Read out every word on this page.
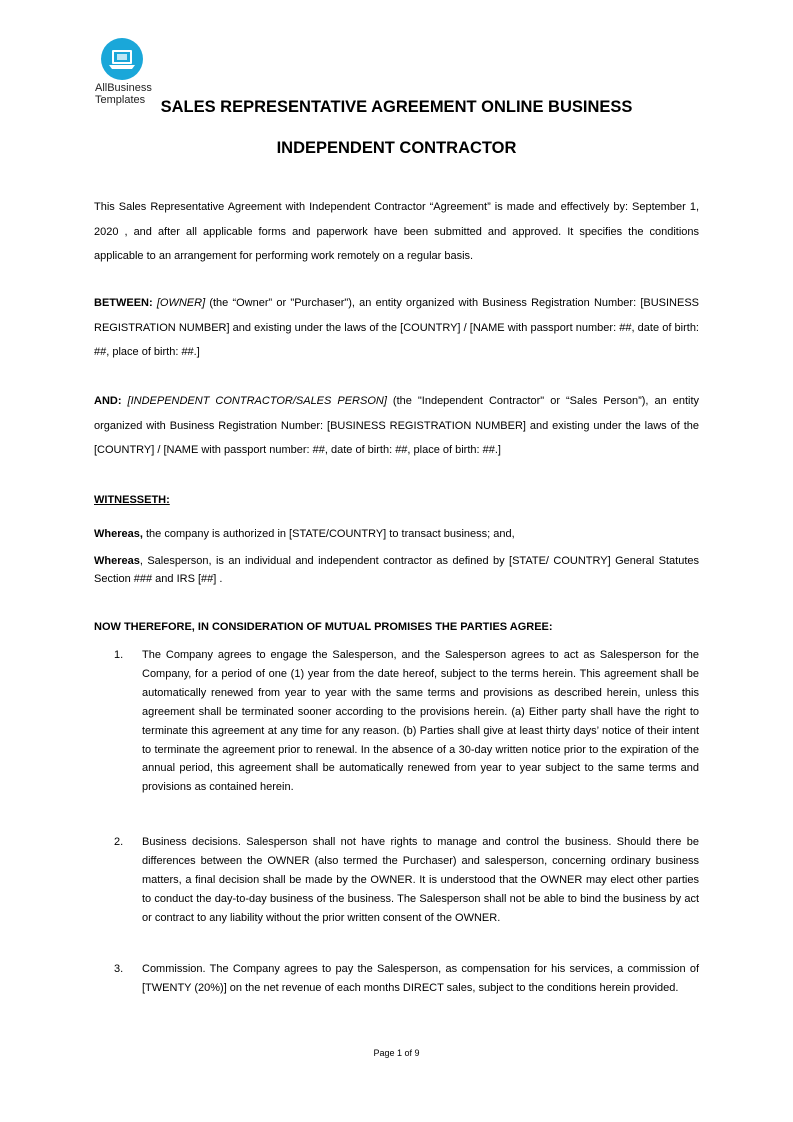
AllBusiness
Templates SALES REPRESENTATIVE AGREEMENT ONLINE BUSINESS
INDEPENDENT CONTRACTOR
This Sales Representative Agreement with Independent Contractor “Agreement” is made and effectively by: September 1, 2020 , and after all applicable forms and paperwork have been submitted and approved. It specifies the conditions applicable to an arrangement for performing work remotely on a regular basis.
BETWEEN: [OWNER] (the “Owner” or "Purchaser"), an entity organized with Business Registration Number: [BUSINESS REGISTRATION NUMBER] and existing under the laws of the [COUNTRY] / [NAME with passport number: ##, date of birth: ##, place of birth: ##.]
AND: [INDEPENDENT CONTRACTOR/SALES PERSON] (the "Independent Contractor" or “Sales Person”), an entity organized with Business Registration Number: [BUSINESS REGISTRATION NUMBER] and existing under the laws of the [COUNTRY] / [NAME with passport number: ##, date of birth: ##, place of birth: ##.]
WITNESSETH:
Whereas, the company is authorized in [STATE/COUNTRY] to transact business; and,
Whereas, Salesperson, is an individual and independent contractor as defined by [STATE/ COUNTRY] General Statutes Section ### and IRS [##] .
NOW THEREFORE, IN CONSIDERATION OF MUTUAL PROMISES THE PARTIES AGREE:
1.	The Company agrees to engage the Salesperson, and the Salesperson agrees to act as Salesperson for the Company, for a period of one (1) year from the date hereof, subject to the terms herein. This agreement shall be automatically renewed from year to year with the same terms and provisions as described herein, unless this agreement shall be terminated sooner according to the provisions herein. (a) Either party shall have the right to terminate this agreement at any time for any reason. (b) Parties shall give at least thirty days’ notice of their intent to terminate the agreement prior to renewal. In the absence of a 30-day written notice prior to the expiration of the annual period, this agreement shall be automatically renewed from year to year subject to the same terms and provisions as contained herein.
2.	Business decisions. Salesperson shall not have rights to manage and control the business. Should there be differences between the OWNER (also termed the Purchaser) and salesperson, concerning ordinary business matters, a final decision shall be made by the OWNER. It is understood that the OWNER may elect other parties to conduct the day-to-day business of the business. The Salesperson shall not be able to bind the business by act or contract to any liability without the prior written consent of the OWNER.
3.	Commission. The Company agrees to pay the Salesperson, as compensation for his services, a commission of [TWENTY (20%)] on the net revenue of each months DIRECT sales, subject to the conditions herein provided.
Page 1 of 9
